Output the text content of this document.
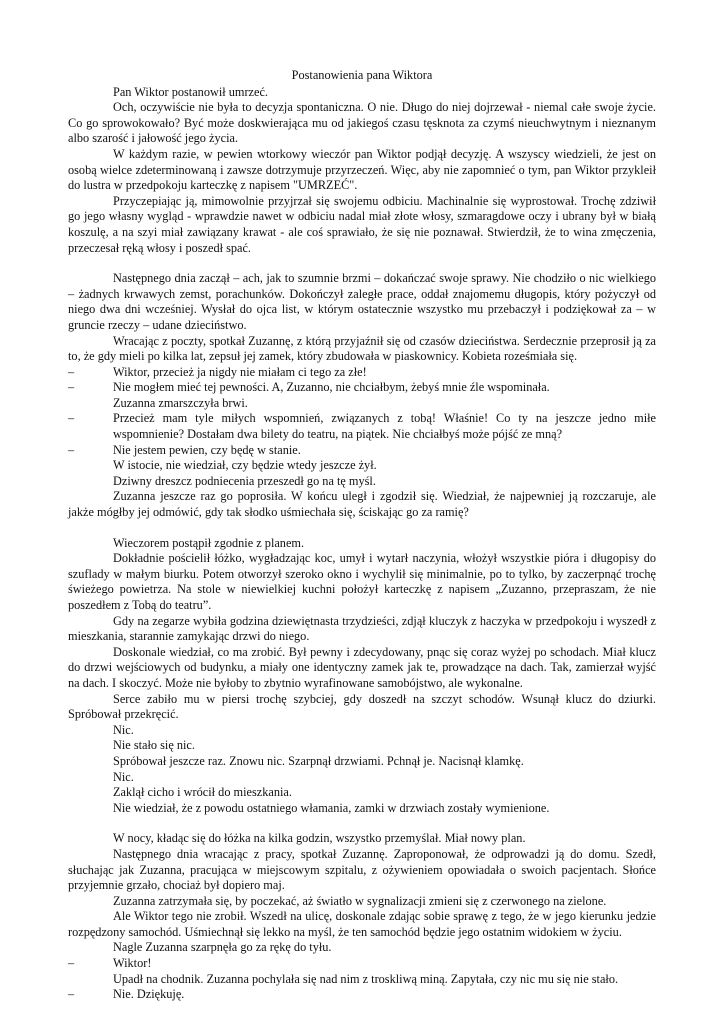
Postanowienia pana Wiktora

Pan Wiktor postanowił umrzeć.

Och, oczywiście nie była to decyzja spontaniczna. O nie. Długo do niej dojrzewał - niemal całe swoje życie. Co go sprowokowało? Być może doskwierająca mu od jakiegoś czasu tęsknota za czymś nieuchwytnym i nieznanym albo szarość i jałowość jego życia.

W każdym razie, w pewien wtorkowy wieczór pan Wiktor podjął decyzję. A wszyscy wiedzieli, że jest on osobą wielce zdeterminowaną i zawsze dotrzymuje przyrzeczeń. Więc, aby nie zapomnieć o tym, pan Wiktor przykleił do lustra w przedpokoju karteczkę z napisem "UMRZEĆ".

Przyczepiając ją, mimowolnie przyjrzał się swojemu odbiciu. Machinalnie się wyprostował. Trochę zdziwił go jego własny wygląd - wprawdzie nawet w odbiciu nadal miał złote włosy, szmaragdowe oczy i ubrany był w białą koszulę, a na szyi miał zawiązany krawat - ale coś sprawiało, że się nie poznawał. Stwierdził, że to wina zmęczenia, przeczesał ręką włosy i poszedł spać.

Następnego dnia zaczął – ach, jak to szumnie brzmi – dokańczać swoje sprawy. Nie chodziło o nic wielkiego – żadnych krwawych zemst, porachunków. Dokończył zaległe prace, oddał znajomemu długopis, który pożyczył od niego dwa dni wcześniej. Wysłał do ojca list, w którym ostatecznie wszystko mu przebaczył i podziękował za – w gruncie rzeczy – udane dzieciństwo.

Wracając z poczty, spotkał Zuzannę, z którą przyjaźnił się od czasów dzieciństwa. Serdecznie przeprosił ją za to, że gdy mieli po kilka lat, zepsuł jej zamek, który zbudowała w piaskownicy. Kobieta roześmiała się.

–	Wiktor, przecież ja nigdy nie miałam ci tego za złe!

–	Nie mogłem mieć tej pewności. A, Zuzanno, nie chciałbym, żebyś mnie źle wspominała.

Zuzanna zmarszczyła brwi.

–	Przecież mam tyle miłych wspomnień, związanych z tobą! Właśnie! Co ty na jeszcze jedno miłe wspomnienie? Dostałam dwa bilety do teatru, na piątek. Nie chciałbyś może pójść ze mną?

–	Nie jestem pewien, czy będę w stanie.

W istocie, nie wiedział, czy będzie wtedy jeszcze żył.

Dziwny dreszcz podniecenia przeszedł go na tę myśl.

Zuzanna jeszcze raz go poprosiła. W końcu uległ i zgodził się. Wiedział, że najpewniej ją rozczaruje, ale jakże mógłby jej odmówić, gdy tak słodko uśmiechała się, ściskając go za ramię?

Wieczorem postąpił zgodnie z planem.

Dokładnie pościelił łóżko, wygładzając koc, umył i wytarł naczynia, włożył wszystkie pióra i długopisy do szuflady w małym biurku. Potem otworzył szeroko okno i wychylił się minimalnie, po to tylko, by zaczerpnąć trochę świeżego powietrza. Na stole w niewielkiej kuchni położył karteczkę z napisem „Zuzanno, przepraszam, że nie poszedłem z Tobą do teatru”.

Gdy na zegarze wybiła godzina dziewiętnasta trzydzieści, zdjął kluczyk z haczyka w przedpokoju i wyszedł z mieszkania, starannie zamykając drzwi do niego.

Doskonale wiedział, co ma zrobić. Był pewny i zdecydowany, pnąc się coraz wyżej po schodach. Miał klucz do drzwi wejściowych od budynku, a miały one identyczny zamek jak te, prowadzące na dach. Tak, zamierzał wyjść na dach. I skoczyć. Może nie byłoby to zbytnio wyrafinowane samobójstwo, ale wykonalne.

Serce zabiło mu w piersi trochę szybciej, gdy doszedł na szczyt schodów. Wsunął klucz do dziurki. Spróbował przekręcić.

Nic.

Nie stało się nic.

Spróbował jeszcze raz. Znowu nic. Szarpnął drzwiami. Pchnął je. Nacisnął klamkę.

Nic.

Zaklął cicho i wrócił do mieszkania.

Nie wiedział, że z powodu ostatniego włamania, zamki w drzwiach zostały wymienione.

W nocy, kładąc się do łóżka na kilka godzin, wszystko przemyślał. Miał nowy plan.

Następnego dnia wracając z pracy, spotkał Zuzannę. Zaproponował, że odprowadzi ją do domu. Szedł, słuchając jak Zuzanna, pracująca w miejscowym szpitalu, z ożywieniem opowiadała o swoich pacjentach. Słońce przyjemnie grzało, chociaż był dopiero maj.

Zuzanna zatrzymała się, by poczekać, aż światło w sygnalizacji zmieni się z czerwonego na zielone.

Ale Wiktor tego nie zrobił. Wszedł na ulicę, doskonale zdając sobie sprawę z tego, że w jego kierunku jedzie rozpędzony samochód. Uśmiechnął się lekko na myśl, że ten samochód będzie jego ostatnim widokiem w życiu.

Nagle Zuzanna szarpnęła go za rękę do tyłu.

–	Wiktor!

Upadł na chodnik. Zuzanna pochylała się nad nim z troskliwą miną. Zapytała, czy nic mu się nie stało.

–	Nie. Dziękuję.
